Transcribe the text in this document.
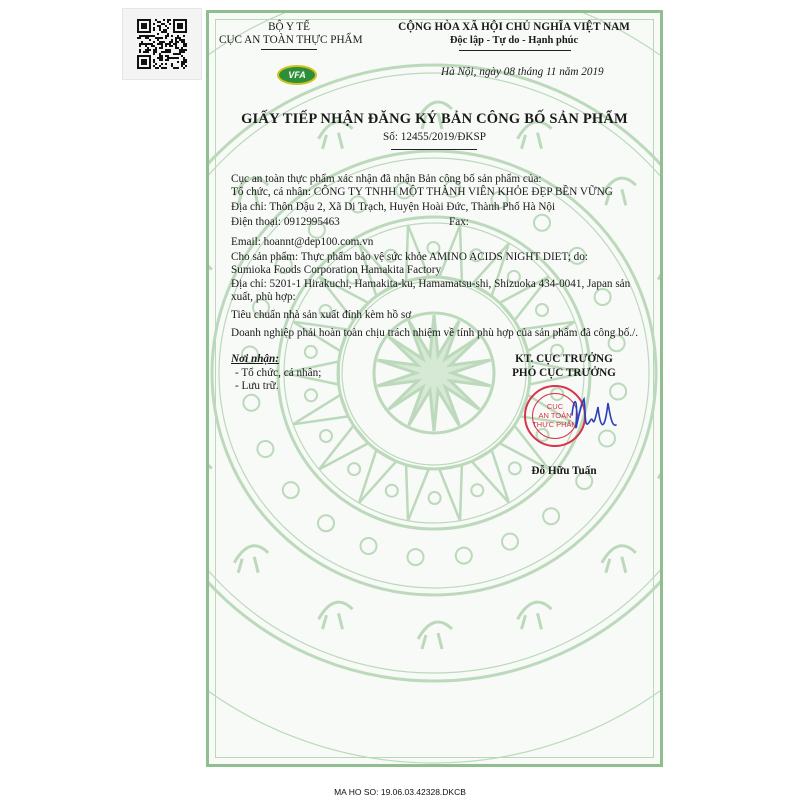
BỘ Y TẾ
CỤC AN TOÀN THỰC PHẨM
VFA
CỘNG HÒA XÃ HỘI CHỦ NGHĨA VIỆT NAM
Độc lập - Tự do - Hạnh phúc
Hà Nội, ngày 08 tháng 11 năm 2019
GIẤY TIẾP NHẬN ĐĂNG KÝ BẢN CÔNG BỐ SẢN PHẨM
Số: 12455/2019/ĐKSP
Cục an toàn thực phẩm xác nhận đã nhận Bản công bố sản phẩm của:
Tổ chức, cá nhân: CÔNG TY TNHH MỘT THÀNH VIÊN KHỎE ĐẸP BỀN VỮNG
Địa chỉ: Thôn Dậu 2, Xã Di Trạch, Huyện Hoài Đức, Thành Phố Hà Nội
Điện thoại: 0912995463	Fax:
Email: hoannt@dep100.com.vn
Cho sản phẩm: Thực phẩm bảo vệ sức khỏe AMINO ACIDS NIGHT DIET; do:
Sumioka Foods Corporation Hamakita Factory
Địa chỉ: 5201-1 Hirakuchi, Hamakita-ku, Hamamatsu-shi, Shizuoka 434-0041, Japan sản
xuất, phù hợp:
Tiêu chuẩn nhà sản xuất đính kèm hồ sơ
Doanh nghiệp phải hoàn toàn chịu trách nhiệm về tính phù hợp của sản phẩm đã công bố./.
Nơi nhận:
- Tổ chức, cá nhân;
- Lưu trữ.
KT. CỤC TRƯỞNG
PHÓ CỤC TRƯỞNG
CỤC
AN TOÀN
THỰC PHẨM
Đỗ Hữu Tuấn
MA HO SO: 19.06.03.42328.DKCB
